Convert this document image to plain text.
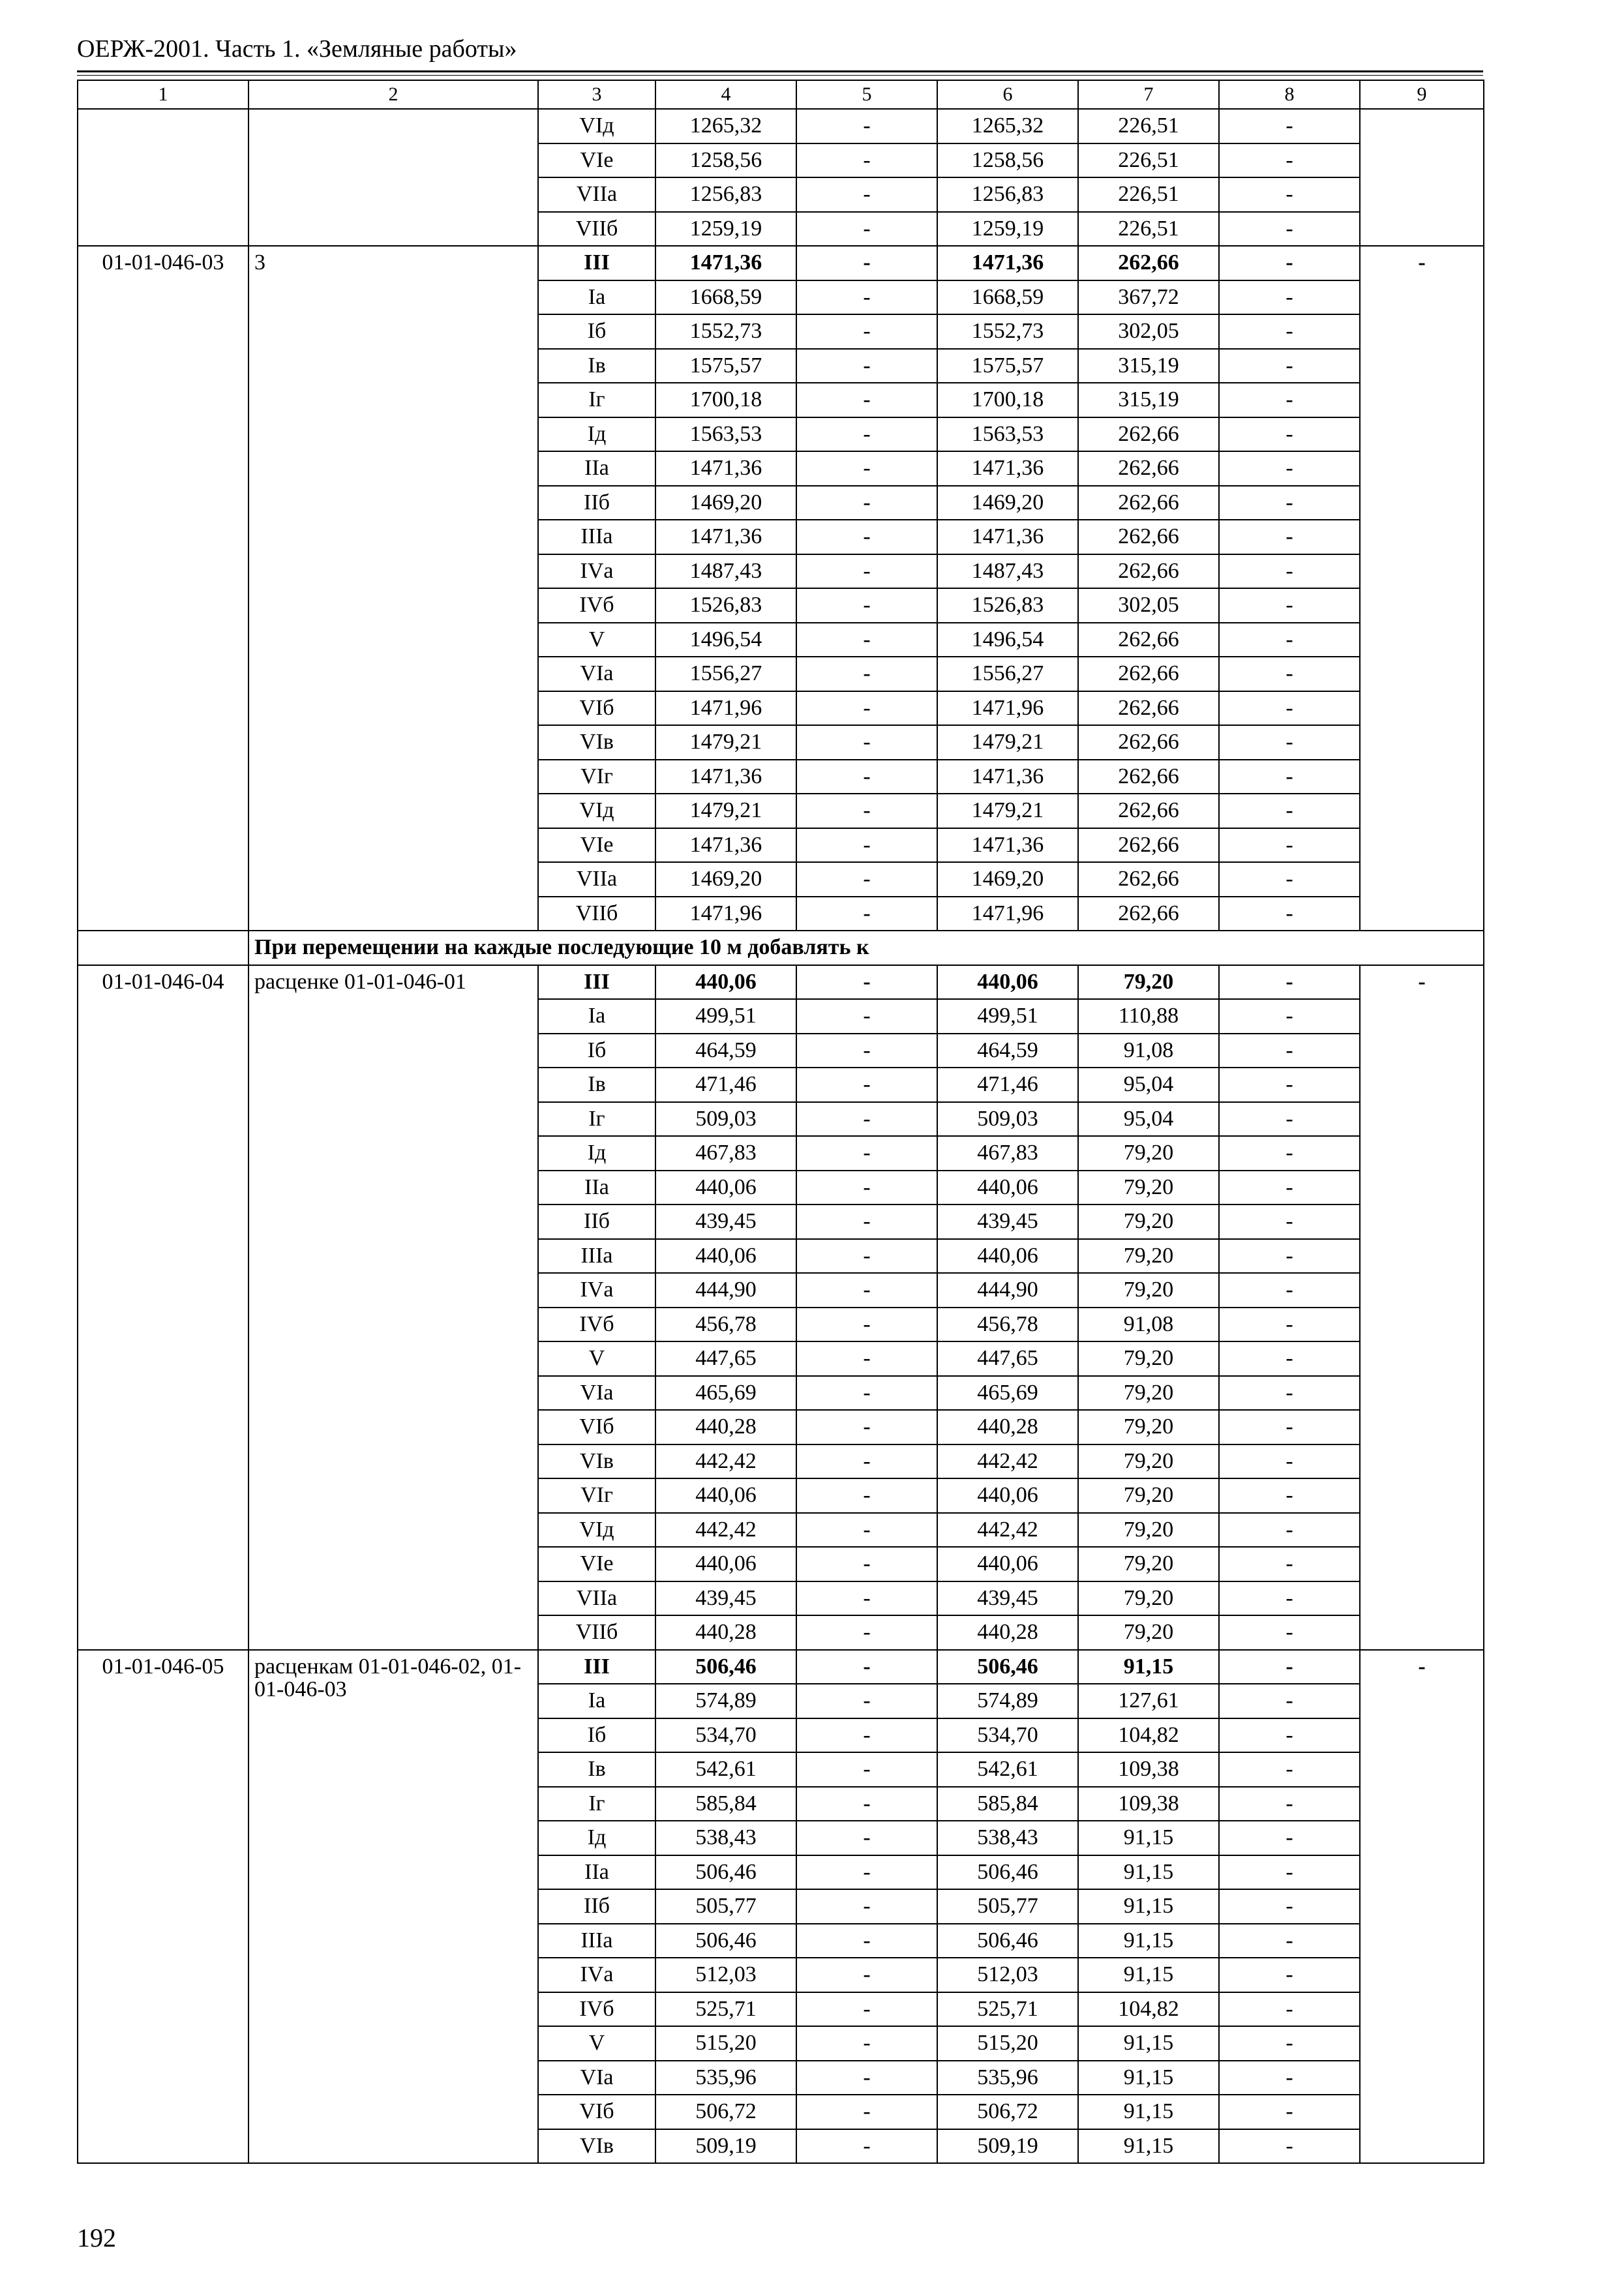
ОЕРЖ-2001. Часть 1. «Земляные работы»
1	2	3	4	5	6	7	8	9
		VIд	1265,32	-	1265,32	226,51	-	
		VIе	1258,56	-	1258,56	226,51	-	
		VIIа	1256,83	-	1256,83	226,51	-	
		VIIб	1259,19	-	1259,19	226,51	-	
01-01-046-03	3	III	1471,36	-	1471,36	262,66	-	-
		Iа	1668,59	-	1668,59	367,72	-	
		Iб	1552,73	-	1552,73	302,05	-	
		Iв	1575,57	-	1575,57	315,19	-	
		Iг	1700,18	-	1700,18	315,19	-	
		Iд	1563,53	-	1563,53	262,66	-	
		IIа	1471,36	-	1471,36	262,66	-	
		IIб	1469,20	-	1469,20	262,66	-	
		IIIа	1471,36	-	1471,36	262,66	-	
		IVа	1487,43	-	1487,43	262,66	-	
		IVб	1526,83	-	1526,83	302,05	-	
		V	1496,54	-	1496,54	262,66	-	
		VIа	1556,27	-	1556,27	262,66	-	
		VIб	1471,96	-	1471,96	262,66	-	
		VIв	1479,21	-	1479,21	262,66	-	
		VIг	1471,36	-	1471,36	262,66	-	
		VIд	1479,21	-	1479,21	262,66	-	
		VIе	1471,36	-	1471,36	262,66	-	
		VIIа	1469,20	-	1469,20	262,66	-	
		VIIб	1471,96	-	1471,96	262,66	-	
	При перемещении на каждые последующие 10 м добавлять к							
01-01-046-04	расценке 01-01-046-01	III	440,06	-	440,06	79,20	-	-
		Iа	499,51	-	499,51	110,88	-	
		Iб	464,59	-	464,59	91,08	-	
		Iв	471,46	-	471,46	95,04	-	
		Iг	509,03	-	509,03	95,04	-	
		Iд	467,83	-	467,83	79,20	-	
		IIа	440,06	-	440,06	79,20	-	
		IIб	439,45	-	439,45	79,20	-	
		IIIа	440,06	-	440,06	79,20	-	
		IVа	444,90	-	444,90	79,20	-	
		IVб	456,78	-	456,78	91,08	-	
		V	447,65	-	447,65	79,20	-	
		VIа	465,69	-	465,69	79,20	-	
		VIб	440,28	-	440,28	79,20	-	
		VIв	442,42	-	442,42	79,20	-	
		VIг	440,06	-	440,06	79,20	-	
		VIд	442,42	-	442,42	79,20	-	
		VIе	440,06	-	440,06	79,20	-	
		VIIа	439,45	-	439,45	79,20	-	
		VIIб	440,28	-	440,28	79,20	-	
01-01-046-05	расценкам 01-01-046-02, 01-01-046-03	III	506,46	-	506,46	91,15	-	-
		Iа	574,89	-	574,89	127,61	-	
		Iб	534,70	-	534,70	104,82	-	
		Iв	542,61	-	542,61	109,38	-	
		Iг	585,84	-	585,84	109,38	-	
		Iд	538,43	-	538,43	91,15	-	
		IIа	506,46	-	506,46	91,15	-	
		IIб	505,77	-	505,77	91,15	-	
		IIIа	506,46	-	506,46	91,15	-	
		IVа	512,03	-	512,03	91,15	-	
		IVб	525,71	-	525,71	104,82	-	
		V	515,20	-	515,20	91,15	-	
		VIа	535,96	-	535,96	91,15	-	
		VIб	506,72	-	506,72	91,15	-	
		VIв	509,19	-	509,19	91,15	-	
192
